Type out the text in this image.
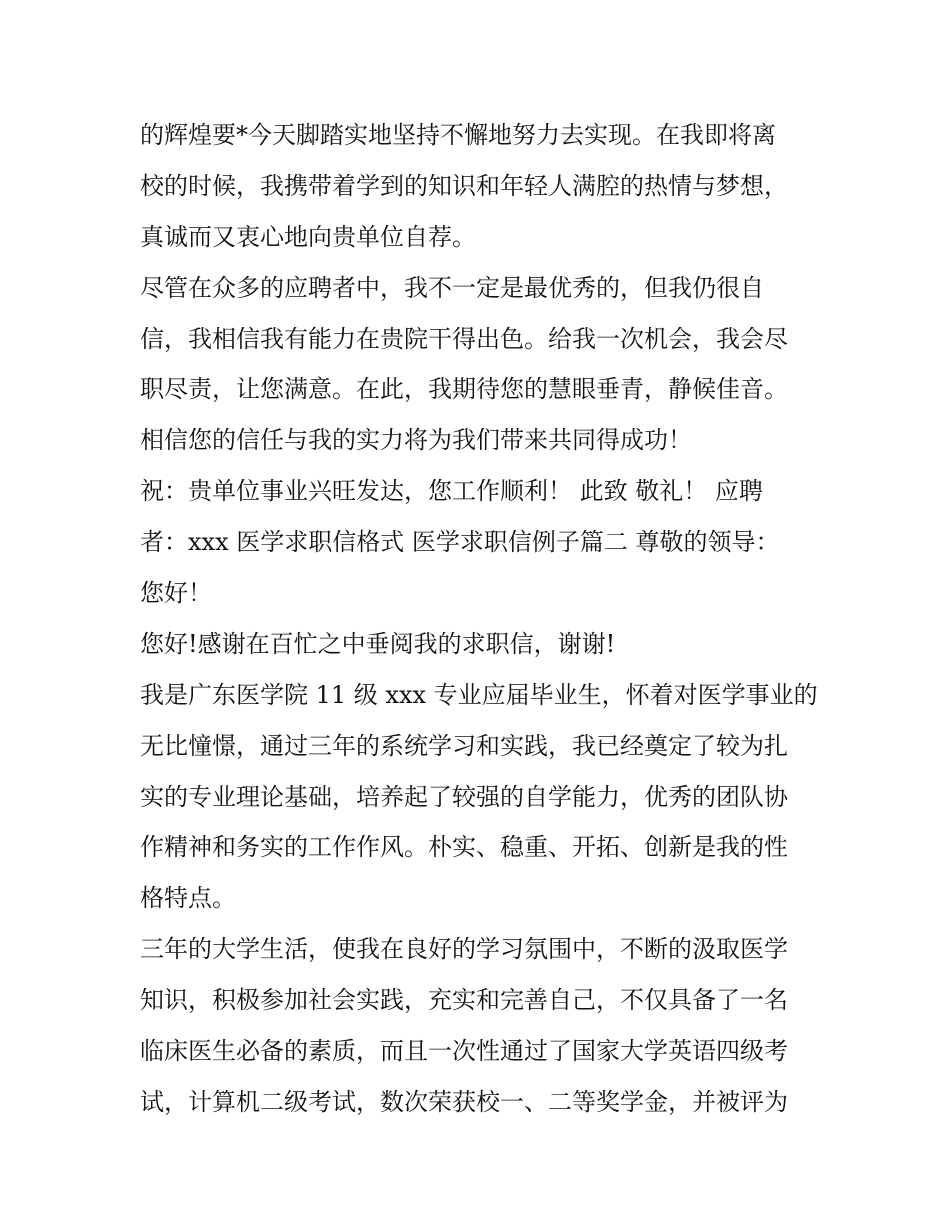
的辉煌要*今天脚踏实地坚持不懈地努力去实现。在我即将离
校的时候，我携带着学到的知识和年轻人满腔的热情与梦想，
真诚而又衷心地向贵单位自荐。
尽管在众多的应聘者中，我不一定是最优秀的，但我仍很自
信，我相信我有能力在贵院干得出色。给我一次机会，我会尽
职尽责，让您满意。在此，我期待您的慧眼垂青，静候佳音。
相信您的信任与我的实力将为我们带来共同得成功！
祝：贵单位事业兴旺发达，您工作顺利！ 此致 敬礼！ 应聘
者：xxx 医学求职信格式 医学求职信例子篇二 尊敬的领导：
您好！
您好!感谢在百忙之中垂阅我的求职信，谢谢!
我是广东医学院 11 级 xxx 专业应届毕业生，怀着对医学事业的
无比憧憬，通过三年的系统学习和实践，我已经奠定了较为扎
实的专业理论基础，培养起了较强的自学能力，优秀的团队协
作精神和务实的工作作风。朴实、稳重、开拓、创新是我的性
格特点。
三年的大学生活，使我在良好的学习氛围中，不断的汲取医学
知识，积极参加社会实践，充实和完善自己，不仅具备了一名
临床医生必备的素质，而且一次性通过了国家大学英语四级考
试，计算机二级考试，数次荣获校一、二等奖学金，并被评为
